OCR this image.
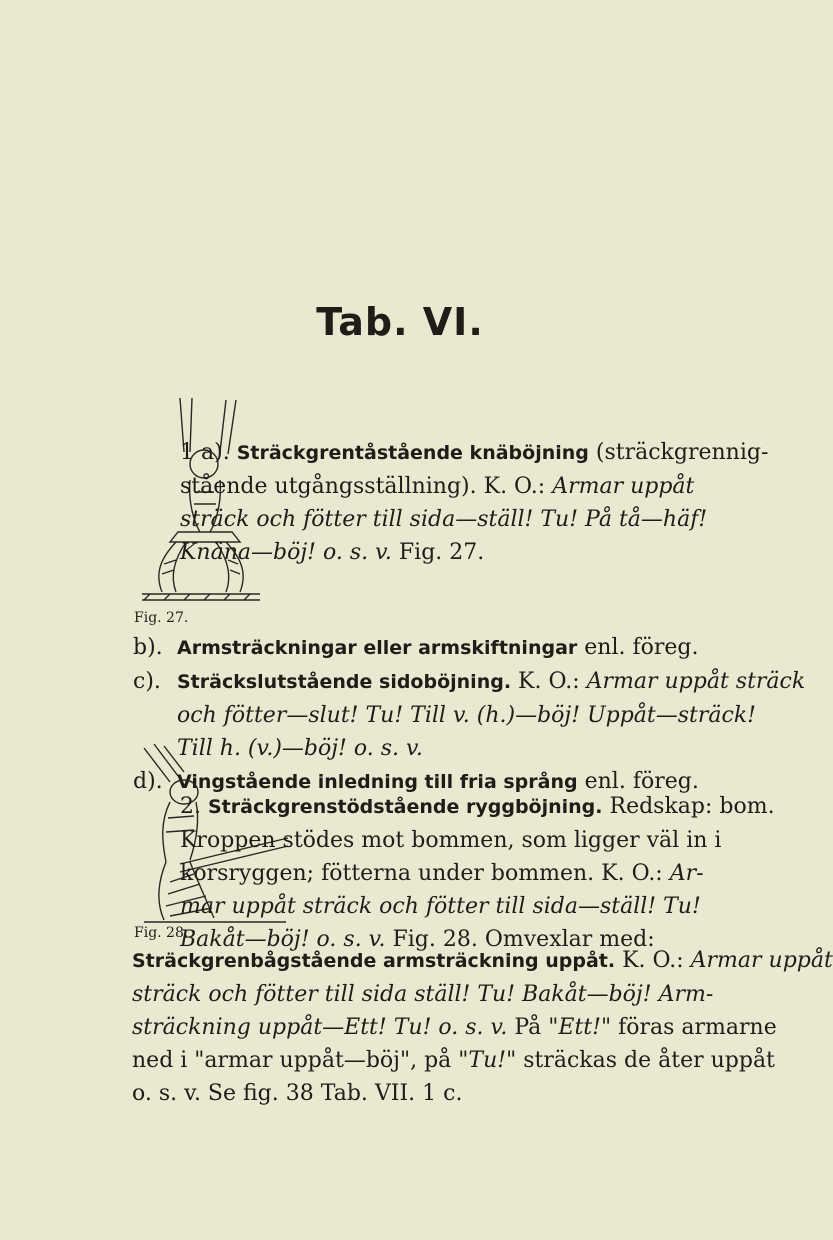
Tab. VI.
Fig. 27.
1 a). Sträckgrentåstående knäböjning (sträckgrennig-
stående utgångsställning). K. O.: Armar uppåt
sträck och fötter till sida—ställ! Tu! På tå—häf!
Knäna—böj! o. s. v. Fig. 27.
b). Armsträckningar eller armskiftningar enl. föreg.
c). Sträckslutstående sidoböjning. K. O.: Armar uppåt sträck
och fötter—slut! Tu! Till v. (h.)—böj! Uppåt—sträck!
Till h. (v.)—böj! o. s. v.
d). Vingstående inledning till fria språng enl. föreg.
Fig. 28.
2. Sträckgrenstödstående ryggböjning. Redskap: bom.
Kroppen stödes mot bommen, som ligger väl in i
korsryggen; fötterna under bommen. K. O.: Ar-
mar uppåt sträck och fötter till sida—ställ! Tu!
Bakåt—böj! o. s. v. Fig. 28. Omvexlar med:
Sträckgrenbågstående armsträckning uppåt. K. O.: Armar uppåt
sträck och fötter till sida ställ! Tu! Bakåt—böj! Arm-
sträckning uppåt—Ett! Tu! o. s. v. På "Ett!" föras armarne
ned i "armar uppåt—böj", på "Tu!" sträckas de åter uppåt
o. s. v. Se fig. 38 Tab. VII. 1 c.
